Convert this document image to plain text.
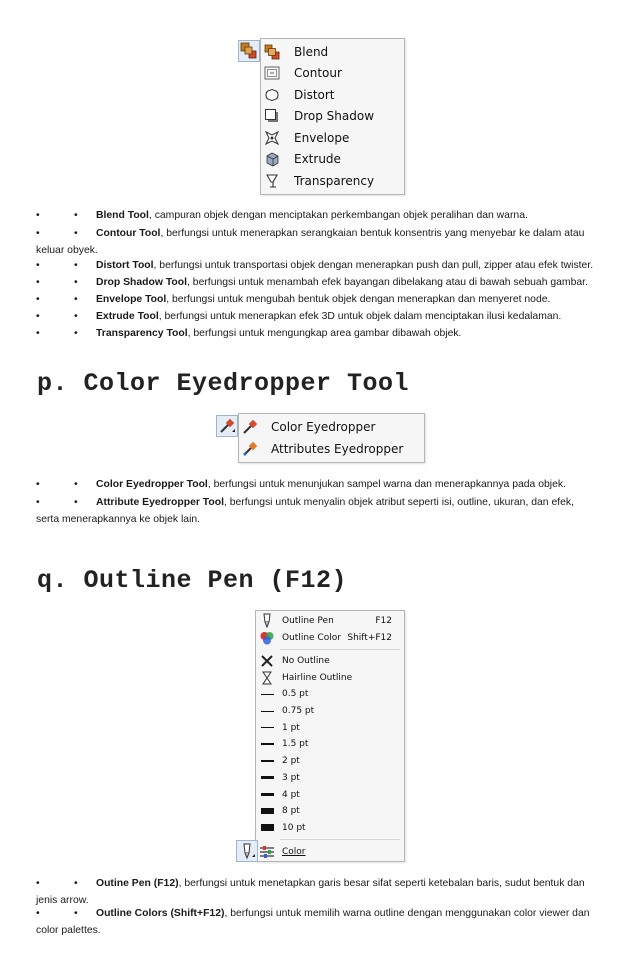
Blend
Contour
Distort
Drop Shadow
Envelope
Extrude
Transparency
•	•	Blend Tool, campuran objek dengan menciptakan perkembangan objek peralihan dan warna.
•	•	Contour Tool, berfungsi untuk menerapkan serangkaian bentuk konsentris yang menyebar ke dalam atau keluar obyek.
•	•	Distort Tool, berfungsi untuk transportasi objek dengan menerapkan push dan pull, zipper atau efek twister.
•	•	Drop Shadow Tool, berfungsi untuk menambah efek bayangan dibelakang atau di bawah sebuah gambar.
•	•	Envelope Tool, berfungsi untuk mengubah bentuk objek dengan menerapkan dan menyeret node.
•	•	Extrude Tool, berfungsi untuk menerapkan efek 3D untuk objek dalam menciptakan ilusi kedalaman.
•	•	Transparency Tool, berfungsi untuk mengungkap area gambar dibawah objek.
p. Color Eyedropper Tool
Color Eyedropper
Attributes Eyedropper
•	•	Color Eyedropper Tool, berfungsi untuk menunjukan sampel warna dan menerapkannya pada objek.
•	•	Attribute Eyedropper Tool, berfungsi untuk menyalin objek atribut seperti isi, outline, ukuran, dan efek, serta menerapkannya ke objek lain.
q. Outline Pen (F12)
Outline Pen	F12
Outline Color Shift+F12
No Outline
Hairline Outline
0.5 pt
0.75 pt
1 pt
1.5 pt
2 pt
3 pt
4 pt
8 pt
10 pt
Color
•	•	Outine Pen (F12), berfungsi untuk menetapkan garis besar sifat seperti ketebalan baris, sudut bentuk dan jenis arrow.
•	•	Outline Colors (Shift+F12), berfungsi untuk memilih warna outline dengan menggunakan color viewer dan color palettes.
